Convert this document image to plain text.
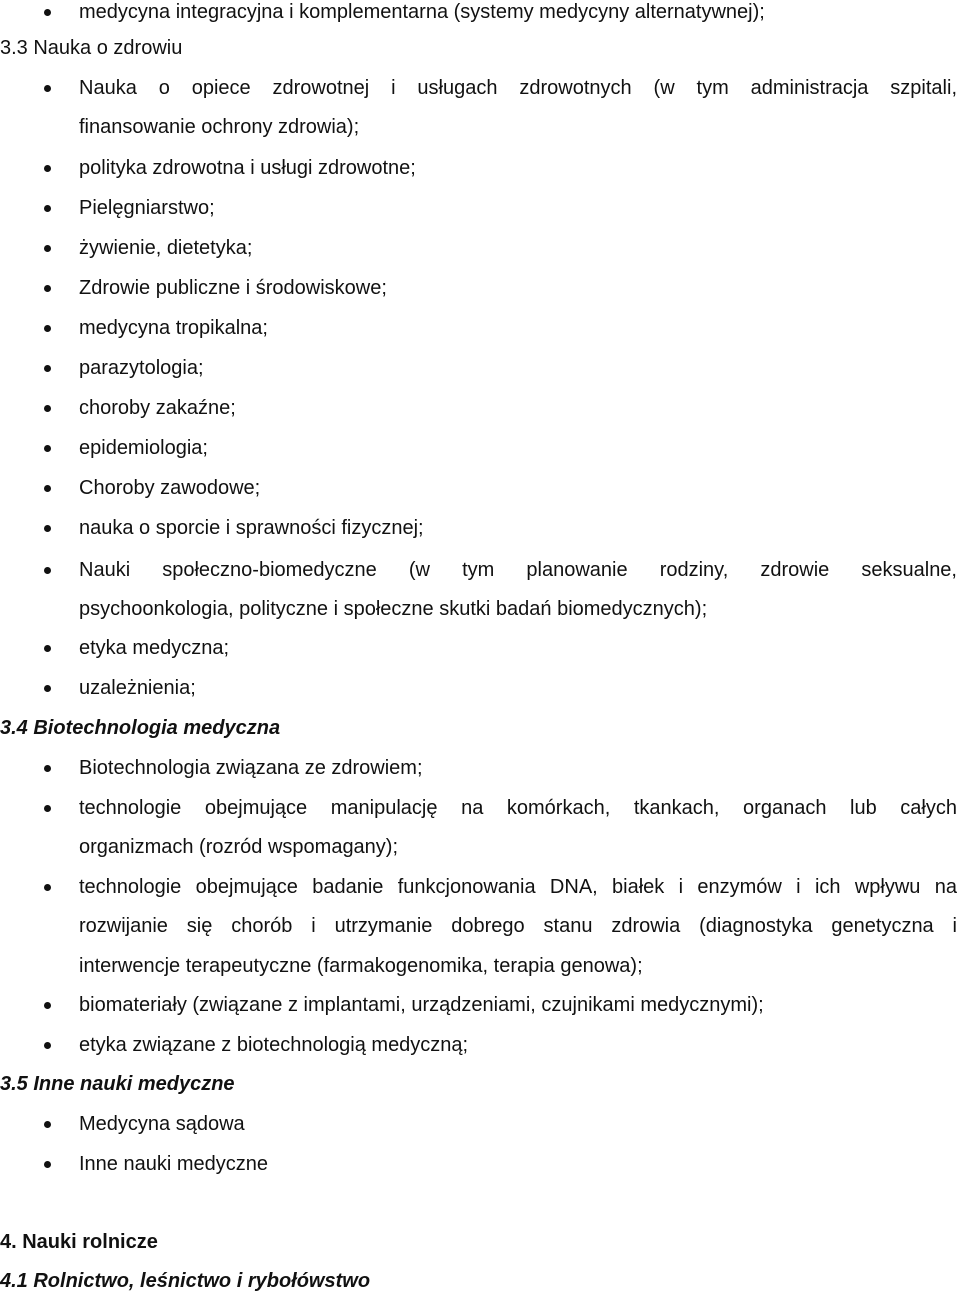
medycyna integracyjna i komplementarna (systemy medycyny alternatywnej);
3.3 Nauka o zdrowiu
Nauka o opiece zdrowotnej i usługach zdrowotnych (w tym administracja szpitali,
finansowanie ochrony zdrowia);
polityka zdrowotna i usługi zdrowotne;
Pielęgniarstwo;
żywienie, dietetyka;
Zdrowie publiczne i środowiskowe;
medycyna tropikalna;
parazytologia;
choroby zakaźne;
epidemiologia;
Choroby zawodowe;
nauka o sporcie i sprawności fizycznej;
Nauki społeczno-biomedyczne (w tym planowanie rodziny, zdrowie seksualne,
psychoonkologia, polityczne i społeczne skutki badań biomedycznych);
etyka medyczna;
uzależnienia;
3.4 Biotechnologia medyczna
Biotechnologia związana ze zdrowiem;
technologie obejmujące manipulację na komórkach, tkankach, organach lub całych
organizmach (rozród wspomagany);
technologie obejmujące badanie funkcjonowania DNA, białek i enzymów i ich wpływu na
rozwijanie się chorób i utrzymanie dobrego stanu zdrowia (diagnostyka genetyczna i
interwencje terapeutyczne (farmakogenomika, terapia genowa);
biomateriały (związane z implantami, urządzeniami, czujnikami medycznymi);
etyka związane z biotechnologią medyczną;
3.5 Inne nauki medyczne
Medycyna sądowa
Inne nauki medyczne
4. Nauki rolnicze
4.1 Rolnictwo, leśnictwo i rybołówstwo
